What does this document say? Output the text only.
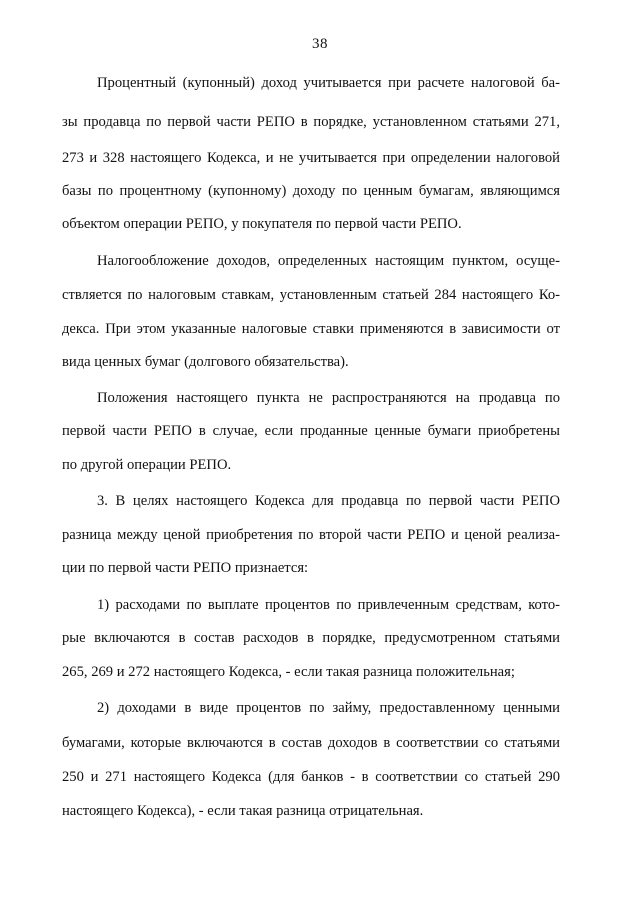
38
Процентный (купонный) доход учитывается при расчете налоговой ба-
зы продавца по первой части РЕПО в порядке, установленном статьями 271,
273 и 328 настоящего Кодекса, и не учитывается при определении налоговой
базы по процентному (купонному) доходу по ценным бумагам, являющимся
объектом операции РЕПО, у покупателя по первой части РЕПО.
Налогообложение доходов, определенных настоящим пунктом, осуще-
ствляется по налоговым ставкам, установленным статьей 284 настоящего Ко-
декса. При этом указанные налоговые ставки применяются в зависимости от
вида ценных бумаг (долгового обязательства).
Положения настоящего пункта не распространяются на продавца по
первой части РЕПО в случае, если проданные ценные бумаги приобретены
по другой операции РЕПО.
3. В целях настоящего Кодекса для продавца по первой части РЕПО
разница между ценой приобретения по второй части РЕПО и ценой реализа-
ции по первой части РЕПО признается:
1) расходами по выплате процентов по привлеченным средствам, кото-
рые включаются в состав расходов в порядке, предусмотренном статьями
265, 269 и 272 настоящего Кодекса, - если такая разница положительная;
2) доходами в виде процентов по займу, предоставленному ценными
бумагами, которые включаются в состав доходов в соответствии со статьями
250 и 271 настоящего Кодекса (для банков - в соответствии со статьей 290
настоящего Кодекса), - если такая разница отрицательная.
